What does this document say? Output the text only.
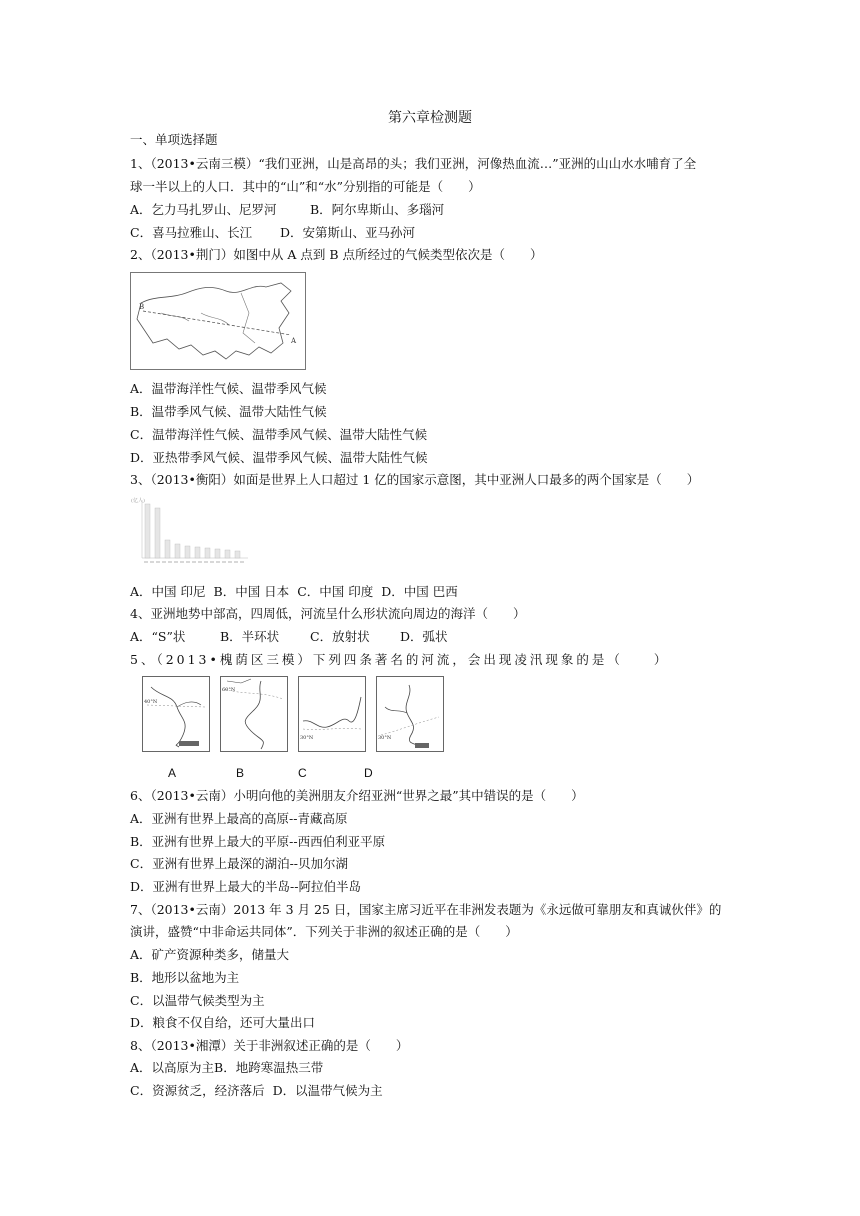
第六章检测题
一、单项选择题
1、（2013•云南三模）“我们亚洲，山是高昂的头；我们亚洲，河像热血流…”亚洲的山山水水哺育了全
球一半以上的人口．其中的“山”和“水”分别指的可能是（　　）
A．乞力马扎罗山、尼罗河	B．阿尔卑斯山、多瑙河
C．喜马拉雅山、长江 D．安第斯山、亚马孙河
2、（2013•荆门）如图中从 A 点到 B 点所经过的气候类型依次是（　　）
B
A
A．温带海洋性气候、温带季风气候
B．温带季风气候、温带大陆性气候
C．温带海洋性气候、温带季风气候、温带大陆性气候
D．亚热带季风气候、温带季风气候、温带大陆性气候
3、（2013•衡阳）如面是世界上人口超过 1 亿的国家示意图，其中亚洲人口最多的两个国家是（　　）
(亿人)
A．中国 印尼 B．中国 日本 C．中国 印度 D．中国 巴西
4、亚洲地势中部高，四周低，河流呈什么形状流向周边的海洋（　　）
A．“S”状	B．半环状 C．放射状 D．弧状
5、（2013•槐荫区三模）下列四条著名的河流，会出现凌汛现象的是（　　）
40°N
60°N
30°N	30°N
A	B	C	D
6、（2013•云南）小明向他的美洲朋友介绍亚洲“世界之最”其中错误的是（　　）
A．亚洲有世界上最高的高原--青藏高原
B．亚洲有世界上最大的平原--西西伯利亚平原
C．亚洲有世界上最深的湖泊--贝加尔湖
D．亚洲有世界上最大的半岛--阿拉伯半岛
7、（2013•云南）2013 年 3 月 25 日，国家主席习近平在非洲发表题为《永远做可靠朋友和真诚伙伴》的
演讲，盛赞“中非命运共同体”．下列关于非洲的叙述正确的是（　　）
A．矿产资源种类多，储量大
B．地形以盆地为主
C．以温带气候类型为主
D．粮食不仅自给，还可大量出口
8、（2013•湘潭）关于非洲叙述正确的是（　　）
A．以高原为主B．地跨寒温热三带
C．资源贫乏，经济落后 D．以温带气候为主
